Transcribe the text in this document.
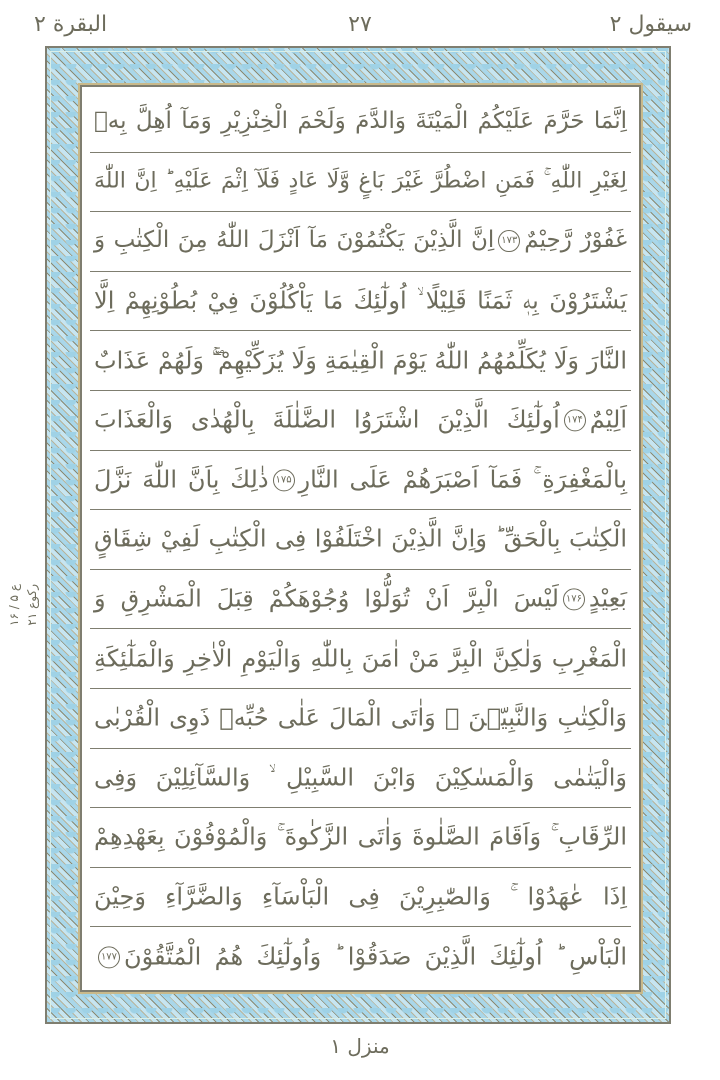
سیقول ۲
۲۷
البقرة ۲
ع ۵ / ۱۶
رکوع ۲۱
اِنَّمَا حَرَّمَ عَلَيْكُمُ الْمَيْتَةَ وَالدَّمَ وَلَحْمَ الْخِنْزِيْرِ وَمَآ اُهِلَّ بِهٖ
لِغَيْرِ اللّٰهِ ۚ فَمَنِ اضْطُرَّ غَيْرَ بَاغٍ وَّلَا عَادٍ فَلَآ اِثْمَ عَلَيْهِ ؕ اِنَّ اللّٰهَ
غَفُوْرٌ رَّحِيْمٌ۱۷۳اِنَّ الَّذِيْنَ يَكْتُمُوْنَ مَآ اَنْزَلَ اللّٰهُ مِنَ الْكِتٰبِ وَ
يَشْتَرُوْنَ بِهٖ ثَمَنًا قَلِيْلًا ۙ اُولٰٓئِكَ مَا يَاْكُلُوْنَ فِيْ بُطُوْنِهِمْ اِلَّا
النَّارَ وَلَا يُكَلِّمُهُمُ اللّٰهُ يَوْمَ الْقِيٰمَةِ وَلَا يُزَكِّيْهِمْ ۖۚ وَلَهُمْ عَذَابٌ
اَلِيْمٌ۱۷۴اُولٰٓئِكَ الَّذِيْنَ اشْتَرَوُا الضَّلٰلَةَ بِالْهُدٰى وَالْعَذَابَ
بِالْمَغْفِرَةِ ۚ فَمَآ اَصْبَرَهُمْ عَلَى النَّارِ۱۷۵ذٰلِكَ بِاَنَّ اللّٰهَ نَزَّلَ
الْكِتٰبَ بِالْحَقِّ ؕ وَاِنَّ الَّذِيْنَ اخْتَلَفُوْا فِى الْكِتٰبِ لَفِيْ شِقَاقٍ
بَعِيْدٍ۱۷۶لَيْسَ الْبِرَّ اَنْ تُوَلُّوْا وُجُوْهَكُمْ قِبَلَ الْمَشْرِقِ وَ
الْمَغْرِبِ وَلٰكِنَّ الْبِرَّ مَنْ اٰمَنَ بِاللّٰهِ وَالْيَوْمِ الْاٰخِرِ وَالْمَلٰٓئِكَةِ
وَالْكِتٰبِ وَالنَّبِيّٖنَ ۚ وَاٰتَى الْمَالَ عَلٰى حُبِّهٖ ذَوِى الْقُرْبٰى
وَالْيَتٰمٰى وَالْمَسٰكِيْنَ وَابْنَ السَّبِيْلِ ۙ وَالسَّآئِلِيْنَ وَفِى
الرِّقَابِ ۚ وَاَقَامَ الصَّلٰوةَ وَاٰتَى الزَّكٰوةَ ۚ وَالْمُوْفُوْنَ بِعَهْدِهِمْ
اِذَا عٰهَدُوْا ۚ وَالصّٰبِرِيْنَ فِى الْبَاْسَآءِ وَالضَّرَّآءِ وَحِيْنَ
الْبَاْسِ ؕ اُولٰٓئِكَ الَّذِيْنَ صَدَقُوْا ؕ وَاُولٰٓئِكَ هُمُ الْمُتَّقُوْنَ۱۷۷
منزل ۱
